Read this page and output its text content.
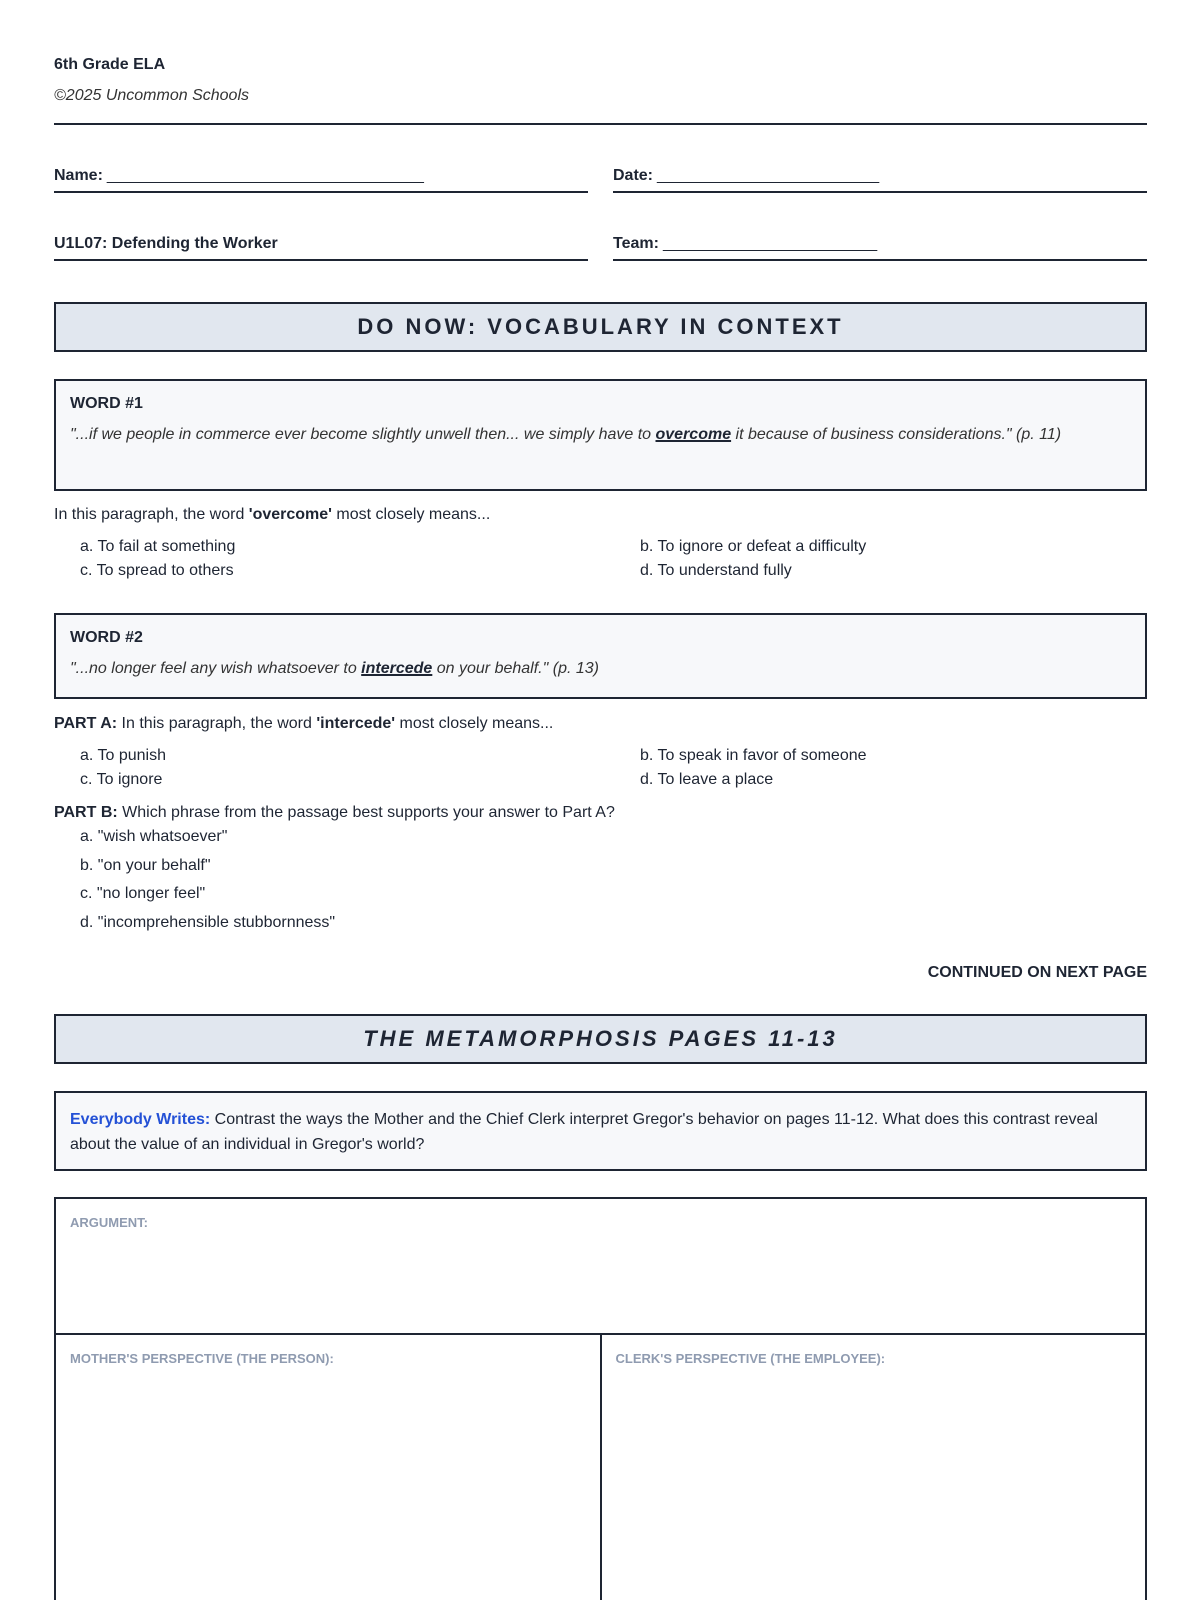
6th Grade ELA
©2025 Uncommon Schools
Name: ________________________________________	Date: ____________________________
U1L07: Defending the Worker	Team: ___________________________
DO NOW: VOCABULARY IN CONTEXT
WORD #1
"...if we people in commerce ever become slightly unwell then... we simply have to overcome it because of business considerations." (p. 11)
In this paragraph, the word 'overcome' most closely means...
a. To fail at something	b. To ignore or defeat a difficulty
c. To spread to others	d. To understand fully
WORD #2
"...no longer feel any wish whatsoever to intercede on your behalf." (p. 13)
PART A: In this paragraph, the word 'intercede' most closely means...
a. To punish	b. To speak in favor of someone
c. To ignore	d. To leave a place
PART B: Which phrase from the passage best supports your answer to Part A?
a. "wish whatsoever"
b. "on your behalf"
c. "no longer feel"
d. "incomprehensible stubbornness"
CONTINUED ON NEXT PAGE
THE METAMORPHOSIS PAGES 11-13
Everybody Writes: Contrast the ways the Mother and the Chief Clerk interpret Gregor's behavior on pages 11-12. What does this contrast reveal about the value of an individual in Gregor's world?
ARGUMENT:
MOTHER'S PERSPECTIVE (THE PERSON):	CLERK'S PERSPECTIVE (THE EMPLOYEE):
